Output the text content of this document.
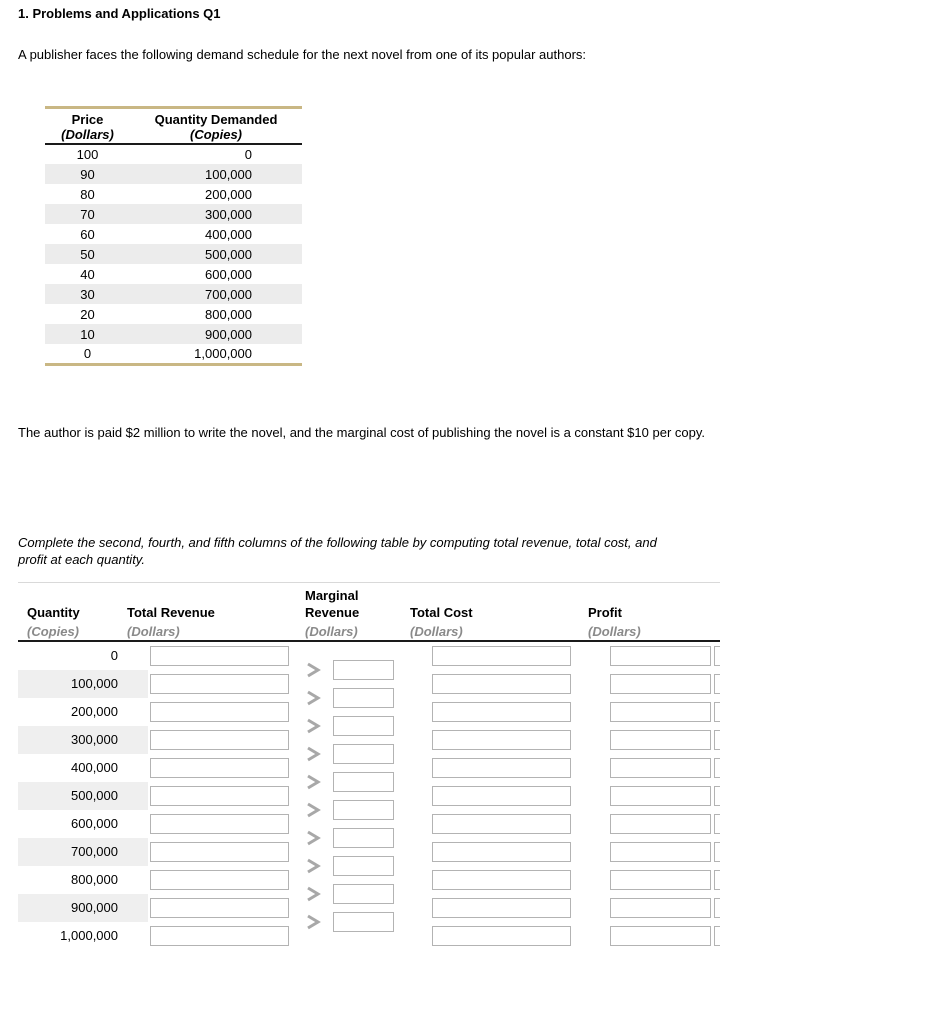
1. Problems and Applications Q1

A publisher faces the following demand schedule for the next novel from one of its popular authors:

Price	Quantity Demanded
(Dollars)	(Copies)
100	0
90	100,000
80	200,000
70	300,000
60	400,000
50	500,000
40	600,000
30	700,000
20	800,000
10	900,000
0	1,000,000

The author is paid $2 million to write the novel, and the marginal cost of publishing the novel is a constant $10 per copy.

Complete the second, fourth, and fifth columns of the following table by computing total revenue, total cost, and profit at each quantity.

Marginal
Quantity	Total Revenue	Revenue	Total Cost	Profit
(Copies)	(Dollars)	(Dollars)	(Dollars)	(Dollars)
0
100,000
200,000
300,000
400,000
500,000
600,000
700,000
800,000
900,000
1,000,000
